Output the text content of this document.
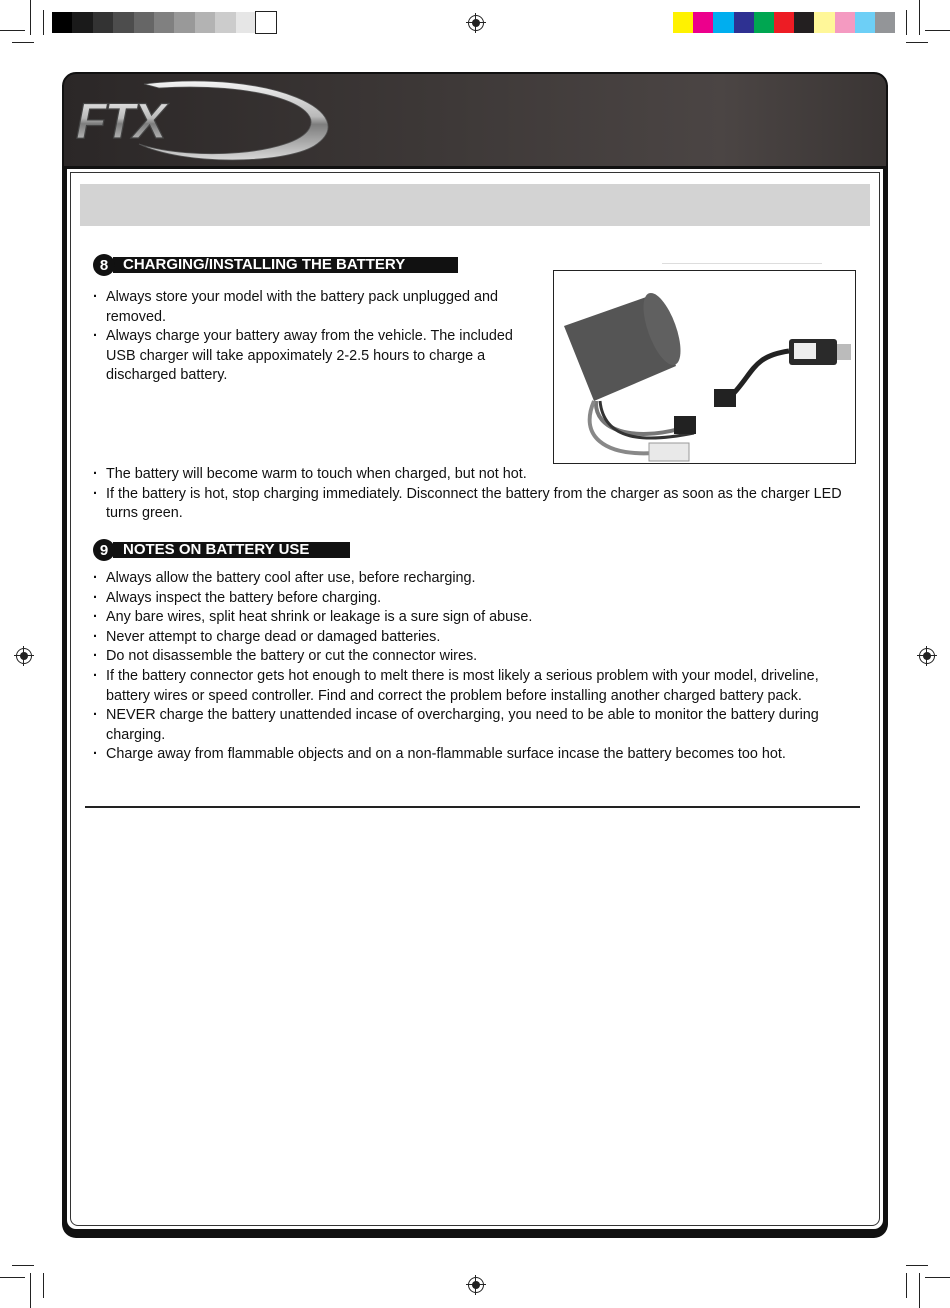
FTX
8 CHARGING/INSTALLING THE BATTERY
· Always store your model with the battery pack unplugged and removed.
· Always charge your battery away from the vehicle. The included USB charger will take appoximately 2-2.5 hours to charge a discharged battery.
· The battery will become warm to touch when charged, but not hot.
· If the battery is hot, stop charging immediately. Disconnect the battery from the charger as soon as the charger LED turns green.
9 NOTES ON BATTERY USE
· Always allow the battery cool after use, before recharging.
· Always inspect the battery before charging.
· Any bare wires, split heat shrink or leakage is a sure sign of abuse.
· Never attempt to charge dead or damaged batteries.
· Do not disassemble the battery or cut the connector wires.
· If the battery connector gets hot enough to melt there is most likely a serious problem with your model, driveline, battery wires or speed controller. Find and correct the problem before installing another charged battery pack.
· NEVER charge the battery unattended incase of overcharging, you need to be able to monitor the battery during charging.
· Charge away from flammable objects and on a non-flammable surface incase the battery becomes too hot.
